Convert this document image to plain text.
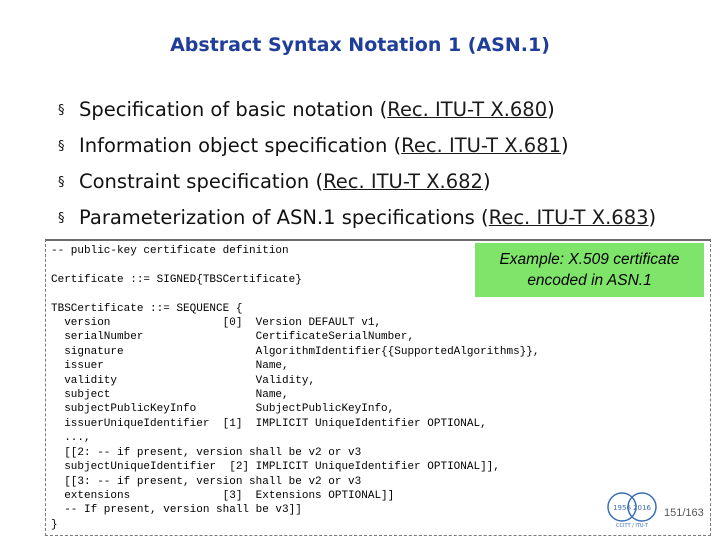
Abstract Syntax Notation 1 (ASN.1)
§ Specification of basic notation (Rec. ITU-T X.680)
§ Information object specification (Rec. ITU-T X.681)
§ Constraint specification (Rec. ITU-T X.682)
§ Parameterization of ASN.1 specifications (Rec. ITU-T X.683)
-- public-key certificate definition

Certificate ::= SIGNED{TBSCertificate}

TBSCertificate ::= SEQUENCE {
version                 [0]  Version DEFAULT v1,
serialNumber                 CertificateSerialNumber,
signature                    AlgorithmIdentifier{{SupportedAlgorithms}},
issuer                       Name,
validity                     Validity,
subject                      Name,
subjectPublicKeyInfo         SubjectPublicKeyInfo,
issuerUniqueIdentifier  [1]  IMPLICIT UniqueIdentifier OPTIONAL,
...,
[[2: -- if present, version shall be v2 or v3
subjectUniqueIdentifier  [2] IMPLICIT UniqueIdentifier OPTIONAL]],
[[3: -- if present, version shall be v2 or v3
extensions              [3]  Extensions OPTIONAL]]
-- If present, version shall be v3]]
}
Example: X.509 certificate
encoded in ASN.1
1956 2016
CCITT / ITU-T
151/163
